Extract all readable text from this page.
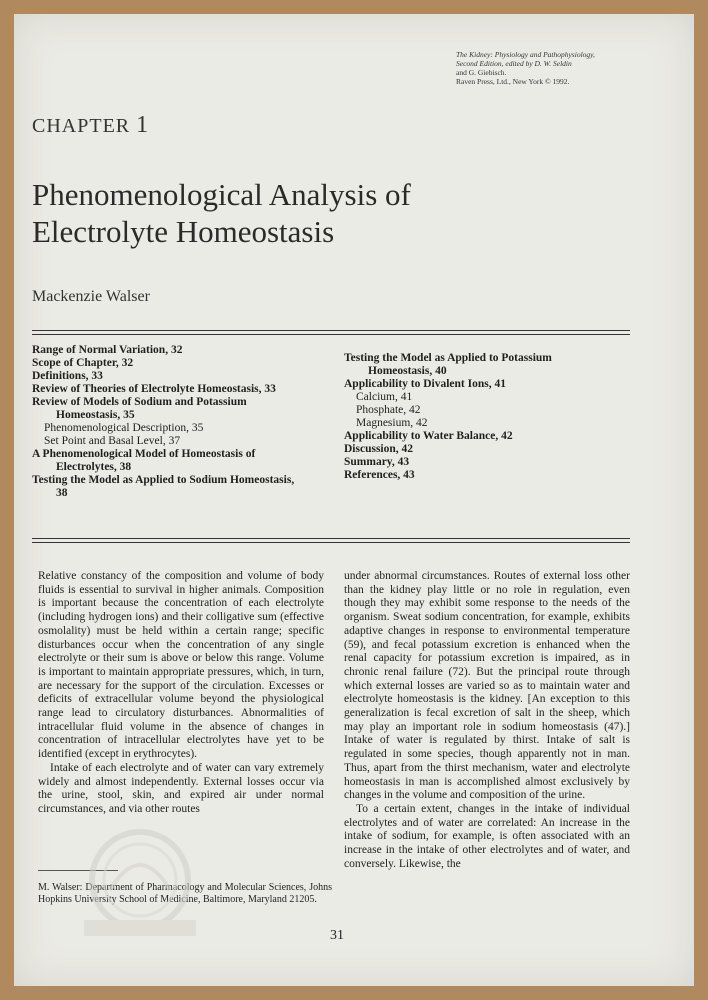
The Kidney: Physiology and Pathophysiology,
Second Edition, edited by D. W. Seldin
and G. Giebisch.
Raven Press, Ltd., New York © 1992.
CHAPTER 1
Phenomenological Analysis of
Electrolyte Homeostasis
Mackenzie Walser
Range of Normal Variation, 32
Scope of Chapter, 32
Definitions, 33
Review of Theories of Electrolyte Homeostasis, 33
Review of Models of Sodium and Potassium
Homeostasis, 35
Phenomenological Description, 35
Set Point and Basal Level, 37
A Phenomenological Model of Homeostasis of
Electrolytes, 38
Testing the Model as Applied to Sodium Homeostasis,
38
Testing the Model as Applied to Potassium
Homeostasis, 40
Applicability to Divalent Ions, 41
Calcium, 41
Phosphate, 42
Magnesium, 42
Applicability to Water Balance, 42
Discussion, 42
Summary, 43
References, 43

Relative constancy of the composition and volume of body fluids is essential to survival in higher animals. Composition is important because the concentration of each electrolyte (including hydrogen ions) and their colligative sum (effective osmolality) must be held within a certain range; specific disturbances occur when the concentration of any single electrolyte or their sum is above or below this range. Volume is important to maintain appropriate pressures, which, in turn, are necessary for the support of the circulation. Excesses or deficits of extracellular volume beyond the physiological range lead to circulatory disturbances. Abnormalities of intracellular fluid volume in the absence of changes in concentration of intracellular electrolytes have yet to be identified (except in erythrocytes).

Intake of each electrolyte and of water can vary extremely widely and almost independently. External losses occur via the urine, stool, skin, and expired air under normal circumstances, and via other routes

M. Walser: Department of Pharmacology and Molecular Sciences, Johns Hopkins University School of Medicine, Baltimore, Maryland 21205.

under abnormal circumstances. Routes of external loss other than the kidney play little or no role in regulation, even though they may exhibit some response to the needs of the organism. Sweat sodium concentration, for example, exhibits adaptive changes in response to environmental temperature (59), and fecal potassium excretion is enhanced when the renal capacity for potassium excretion is impaired, as in chronic renal failure (72). But the principal route through which external losses are varied so as to maintain water and electrolyte homeostasis is the kidney. [An exception to this generalization is fecal excretion of salt in the sheep, which may play an important role in sodium homeostasis (47).] Intake of water is regulated by thirst. Intake of salt is regulated in some species, though apparently not in man. Thus, apart from the thirst mechanism, water and electrolyte homeostasis in man is accomplished almost exclusively by changes in the volume and composition of the urine.

To a certain extent, changes in the intake of individual electrolytes and of water are correlated: An increase in the intake of sodium, for example, is often associated with an increase in the intake of other electrolytes and of water, and conversely. Likewise, the

31
